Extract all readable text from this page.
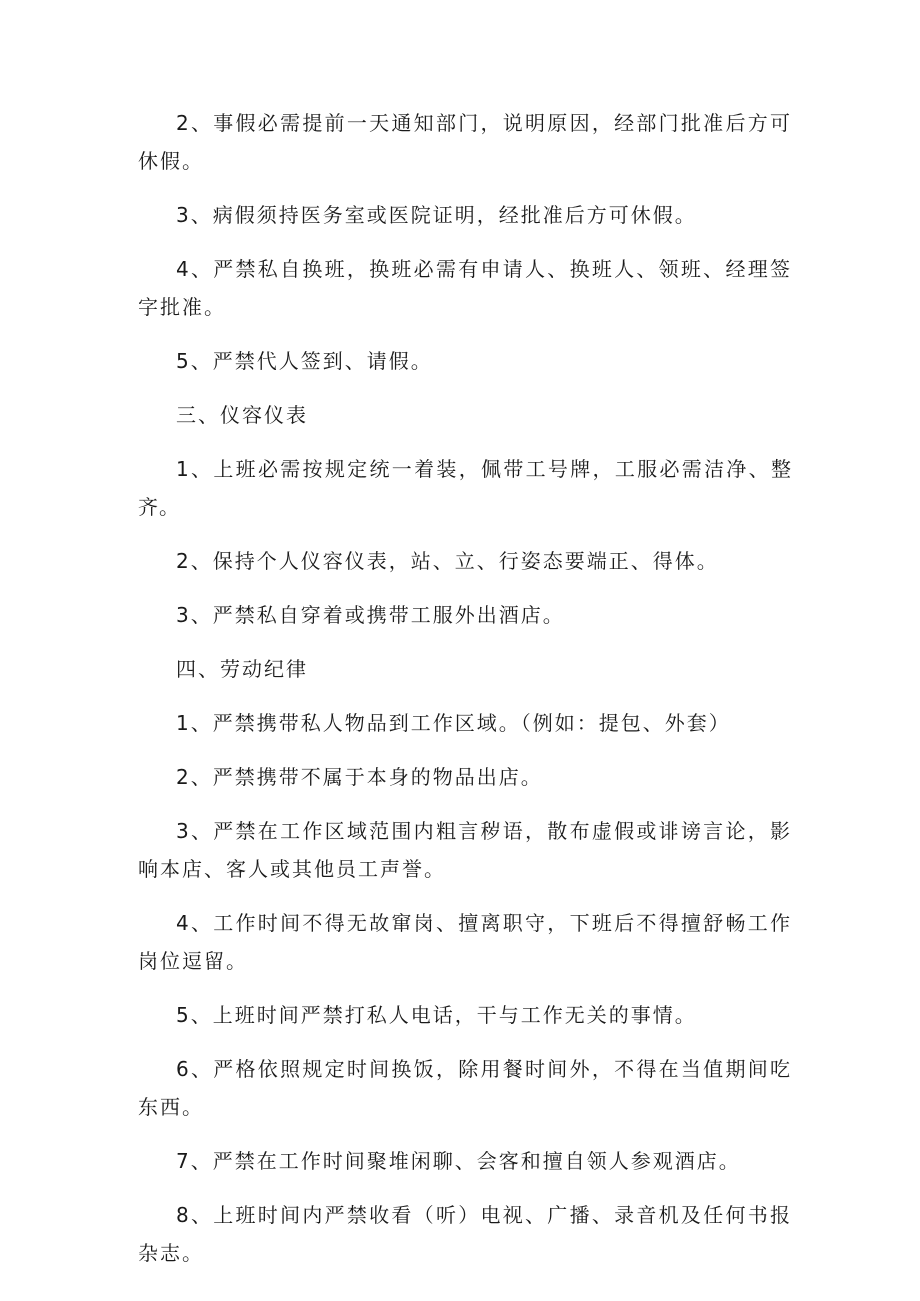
2、事假必需提前一天通知部门，说明原因，经部门批准后方可休假。

3、病假须持医务室或医院证明，经批准后方可休假。

4、严禁私自换班，换班必需有申请人、换班人、领班、经理签字批准。

5、严禁代人签到、请假。

三、仪容仪表

1、上班必需按规定统一着装，佩带工号牌，工服必需洁净、整齐。

2、保持个人仪容仪表，站、立、行姿态要端正、得体。

3、严禁私自穿着或携带工服外出酒店。

四、劳动纪律

1、严禁携带私人物品到工作区域。（例如：提包、外套）

2、严禁携带不属于本身的物品出店。

3、严禁在工作区域范围内粗言秽语，散布虚假或诽谤言论，影响本店、客人或其他员工声誉。

4、工作时间不得无故窜岗、擅离职守，下班后不得擅舒畅工作岗位逗留。

5、上班时间严禁打私人电话，干与工作无关的事情。

6、严格依照规定时间换饭，除用餐时间外，不得在当值期间吃东西。

7、严禁在工作时间聚堆闲聊、会客和擅自领人参观酒店。

8、上班时间内严禁收看（听）电视、广播、录音机及任何书报杂志。
